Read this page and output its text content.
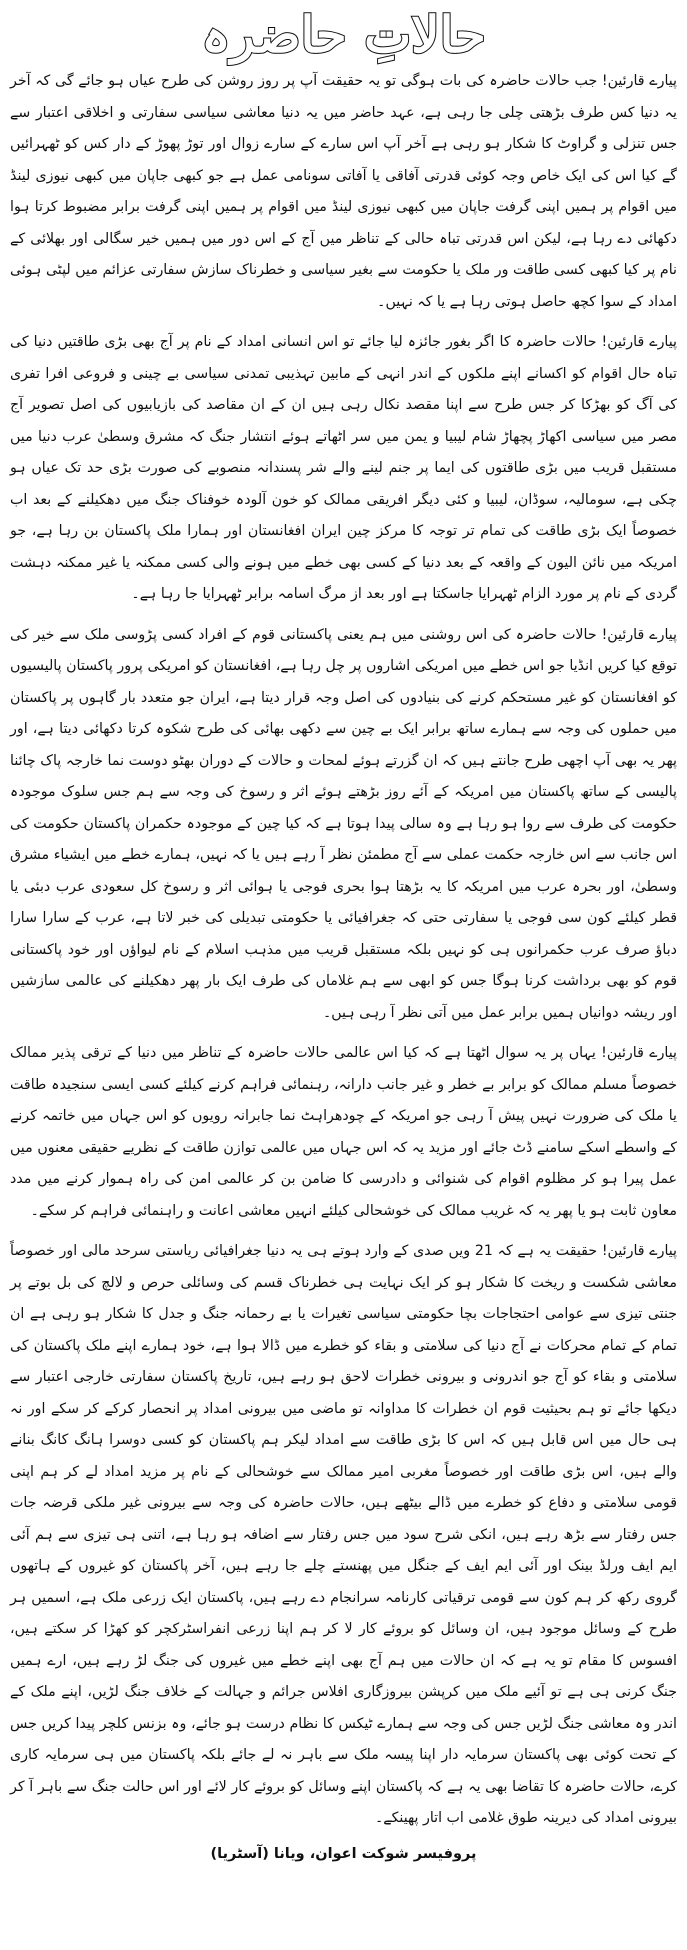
حالاتِ حاضرہ

پیارے قارئین! جب حالات حاضرہ کی بات ہوگی تو یہ حقیقت آپ پر روز روشن کی طرح عیاں ہو جائے گی کہ آخر یہ دنیا کس طرف بڑھتی چلی جا رہی ہے، عہد حاضر میں یہ دنیا معاشی سیاسی سفارتی و اخلاقی اعتبار سے جس تنزلی و گراوٹ کا شکار ہو رہی ہے آخر آپ اس سارے کے سارے زوال اور توڑ پھوڑ کے دار کس کو ٹھہرائیں گے کیا اس کی ایک خاص وجہ کوئی قدرتی آفاقی یا آفاتی سونامی عمل ہے جو کبھی جاپان میں کبھی نیوزی لینڈ میں اقوام پر ہمیں اپنی گرفت جاپان میں کبھی نیوزی لینڈ میں اقوام پر ہمیں اپنی گرفت برابر مضبوط کرتا ہوا دکھائی دے رہا ہے، لیکن اس قدرتی تباہ حالی کے تناظر میں آج کے اس دور میں ہمیں خیر سگالی اور بھلائی کے نام پر کیا کبھی کسی طاقت ور ملک یا حکومت سے بغیر سیاسی و خطرناک سازش سفارتی عزائم میں لپٹی ہوئی امداد کے سوا کچھ حاصل ہوتی رہا ہے یا کہ نہیں۔

پیارے قارئین! حالات حاضرہ کا اگر بغور جائزہ لیا جائے تو اس انسانی امداد کے نام پر آج بھی بڑی طاقتیں دنیا کی تباہ حال اقوام کو اکسانے اپنے ملکوں کے اندر انہی کے مابین تہذیبی تمدنی سیاسی بے چینی و فروعی افرا تفری کی آگ کو بھڑکا کر جس طرح سے اپنا مقصد نکال رہی ہیں ان کے ان مقاصد کی بازیابیوں کی اصل تصویر آج مصر میں سیاسی اکھاڑ پچھاڑ شام لیبیا و یمن میں سر اٹھاتے ہوئے انتشار جنگ کہ مشرق وسطیٰ عرب دنیا میں مستقبل قریب میں بڑی طاقتوں کی ایما پر جنم لینے والے شر پسندانہ منصوبے کی صورت بڑی حد تک عیاں ہو چکی ہے، سومالیہ، سوڈان، لیبیا و کئی دیگر افریقی ممالک کو خون آلودہ خوفناک جنگ میں دھکیلنے کے بعد اب خصوصاً ایک بڑی طاقت کی تمام تر توجہ کا مرکز چین ایران افغانستان اور ہمارا ملک پاکستان بن رہا ہے، جو امریکہ میں نائن الیون کے واقعہ کے بعد دنیا کے کسی بھی خطے میں ہونے والی کسی ممکنہ یا غیر ممکنہ دہشت گردی کے نام پر مورد الزام ٹھہرایا جاسکتا ہے اور بعد از مرگ اسامہ برابر ٹھہرایا جا رہا ہے۔

پیارے قارئین! حالات حاضرہ کی اس روشنی میں ہم یعنی پاکستانی قوم کے افراد کسی پڑوسی ملک سے خیر کی توقع کیا کریں انڈیا جو اس خطے میں امریکی اشاروں پر چل رہا ہے، افغانستان کو امریکی پرور پاکستان پالیسیوں کو افغانستان کو غیر مستحکم کرنے کی بنیادوں کی اصل وجہ قرار دیتا ہے، ایران جو متعدد بار گاہوں پر پاکستان میں حملوں کی وجہ سے ہمارے ساتھ برابر ایک بے چین سے دکھی بھائی کی طرح شکوہ کرتا دکھائی دیتا ہے، اور پھر یہ بھی آپ اچھی طرح جانتے ہیں کہ ان گزرتے ہوئے لمحات و حالات کے دوران بھٹو دوست نما خارجہ پاک چائنا پالیسی کے ساتھ پاکستان میں امریکہ کے آئے روز بڑھتے ہوئے اثر و رسوخ کی وجہ سے ہم جس سلوک موجودہ حکومت کی طرف سے روا ہو رہا ہے وہ سالی پیدا ہوتا ہے کہ کیا چین کے موجودہ حکمران پاکستان حکومت کی اس جانب سے اس خارجہ حکمت عملی سے آج مطمئن نظر آ رہے ہیں یا کہ نہیں، ہمارے خطے میں ایشیاء مشرق وسطیٰ، اور بحرہ عرب میں امریکہ کا یہ بڑھتا ہوا بحری فوجی یا ہوائی اثر و رسوخ کل سعودی عرب دبئی یا قطر کیلئے کون سی فوجی یا سفارتی حتی کہ جغرافیائی یا حکومتی تبدیلی کی خبر لاتا ہے، عرب کے سارا سارا دباؤ صرف عرب حکمرانوں ہی کو نہیں بلکہ مستقبل قریب میں مذہب اسلام کے نام لیواؤں اور خود پاکستانی قوم کو بھی برداشت کرنا ہوگا جس کو ابھی سے ہم غلاماں کی طرف ایک بار پھر دھکیلنے کی عالمی سازشیں اور ریشہ دوانیاں ہمیں برابر عمل میں آتی نظر آ رہی ہیں۔

پیارے قارئین! یہاں پر یہ سوال اٹھتا ہے کہ کیا اس عالمی حالات حاضرہ کے تناظر میں دنیا کے ترقی پذیر ممالک خصوصاً مسلم ممالک کو برابر بے خطر و غیر جانب دارانہ، رہنمائی فراہم کرنے کیلئے کسی ایسی سنجیدہ طاقت یا ملک کی ضرورت نہیں پیش آ رہی جو امریکہ کے چودھراہٹ نما جابرانہ رویوں کو اس جہاں میں خاتمہ کرنے کے واسطے اسکے سامنے ڈٹ جائے اور مزید یہ کہ اس جہاں میں عالمی توازن طاقت کے نظریے حقیقی معنوں میں عمل پیرا ہو کر مظلوم اقوام کی شنوائی و دادرسی کا ضامن بن کر عالمی امن کی راہ ہموار کرنے میں مدد معاون ثابت ہو یا پھر یہ کہ غریب ممالک کی خوشحالی کیلئے انہیں معاشی اعانت و راہنمائی فراہم کر سکے۔

پیارے قارئین! حقیقت یہ ہے کہ 21 ویں صدی کے وارد ہوتے ہی یہ دنیا جغرافیائی ریاستی سرحد مالی اور خصوصاً معاشی شکست و ریخت کا شکار ہو کر ایک نہایت ہی خطرناک قسم کی وسائلی حرص و لالچ کی بل بوتے پر جنتی تیزی سے عوامی احتجاجات بچا حکومتی سیاسی تغیرات یا بے رحمانہ جنگ و جدل کا شکار ہو رہی ہے ان تمام کے تمام محرکات نے آج دنیا کی سلامتی و بقاء کو خطرے میں ڈالا ہوا ہے، خود ہمارے اپنے ملک پاکستان کی سلامتی و بقاء کو آج جو اندرونی و بیرونی خطرات لاحق ہو رہے ہیں، تاریخ پاکستان سفارتی خارجی اعتبار سے دیکھا جائے تو ہم بحیثیت قوم ان خطرات کا مداوانہ تو ماضی میں بیرونی امداد پر انحصار کرکے کر سکے اور نہ ہی حال میں اس قابل ہیں کہ اس کا بڑی طاقت سے امداد لیکر ہم پاکستان کو کسی دوسرا ہانگ کانگ بنانے والے ہیں، اس بڑی طاقت اور خصوصاً مغربی امیر ممالک سے خوشحالی کے نام پر مزید امداد لے کر ہم اپنی قومی سلامتی و دفاع کو خطرے میں ڈالے بیٹھے ہیں، حالات حاضرہ کی وجہ سے بیرونی غیر ملکی قرضہ جات جس رفتار سے بڑھ رہے ہیں، انکی شرح سود میں جس رفتار سے اضافہ ہو رہا ہے، اتنی ہی تیزی سے ہم آئی ایم ایف ورلڈ بینک اور آئی ایم ایف کے جنگل میں پھنستے چلے جا رہے ہیں، آخر پاکستان کو غیروں کے ہاتھوں گروی رکھ کر ہم کون سے قومی ترقیاتی کارنامہ سرانجام دے رہے ہیں، پاکستان ایک زرعی ملک ہے، اسمیں ہر طرح کے وسائل موجود ہیں، ان وسائل کو بروئے کار لا کر ہم اپنا زرعی انفراسٹرکچر کو کھڑا کر سکتے ہیں، افسوس کا مقام تو یہ ہے کہ ان حالات میں ہم آج بھی اپنے خطے میں غیروں کی جنگ لڑ رہے ہیں، ارے ہمیں جنگ کرنی ہی ہے تو آئیے ملک میں کرپشن بیروزگاری افلاس جرائم و جہالت کے خلاف جنگ لڑیں، اپنے ملک کے اندر وہ معاشی جنگ لڑیں جس کی وجہ سے ہمارے ٹیکس کا نظام درست ہو جائے، وہ بزنس کلچر پیدا کریں جس کے تحت کوئی بھی پاکستان سرمایہ دار اپنا پیسہ ملک سے باہر نہ لے جائے بلکہ پاکستان میں ہی سرمایہ کاری کرے، حالات حاضرہ کا تقاضا بھی یہ ہے کہ پاکستان اپنے وسائل کو بروئے کار لائے اور اس حالت جنگ سے باہر آ کر بیرونی امداد کی دیرینہ طوق غلامی اب اتار پھینکے۔

پروفیسر شوکت اعوان، ویانا (آسٹریا)
